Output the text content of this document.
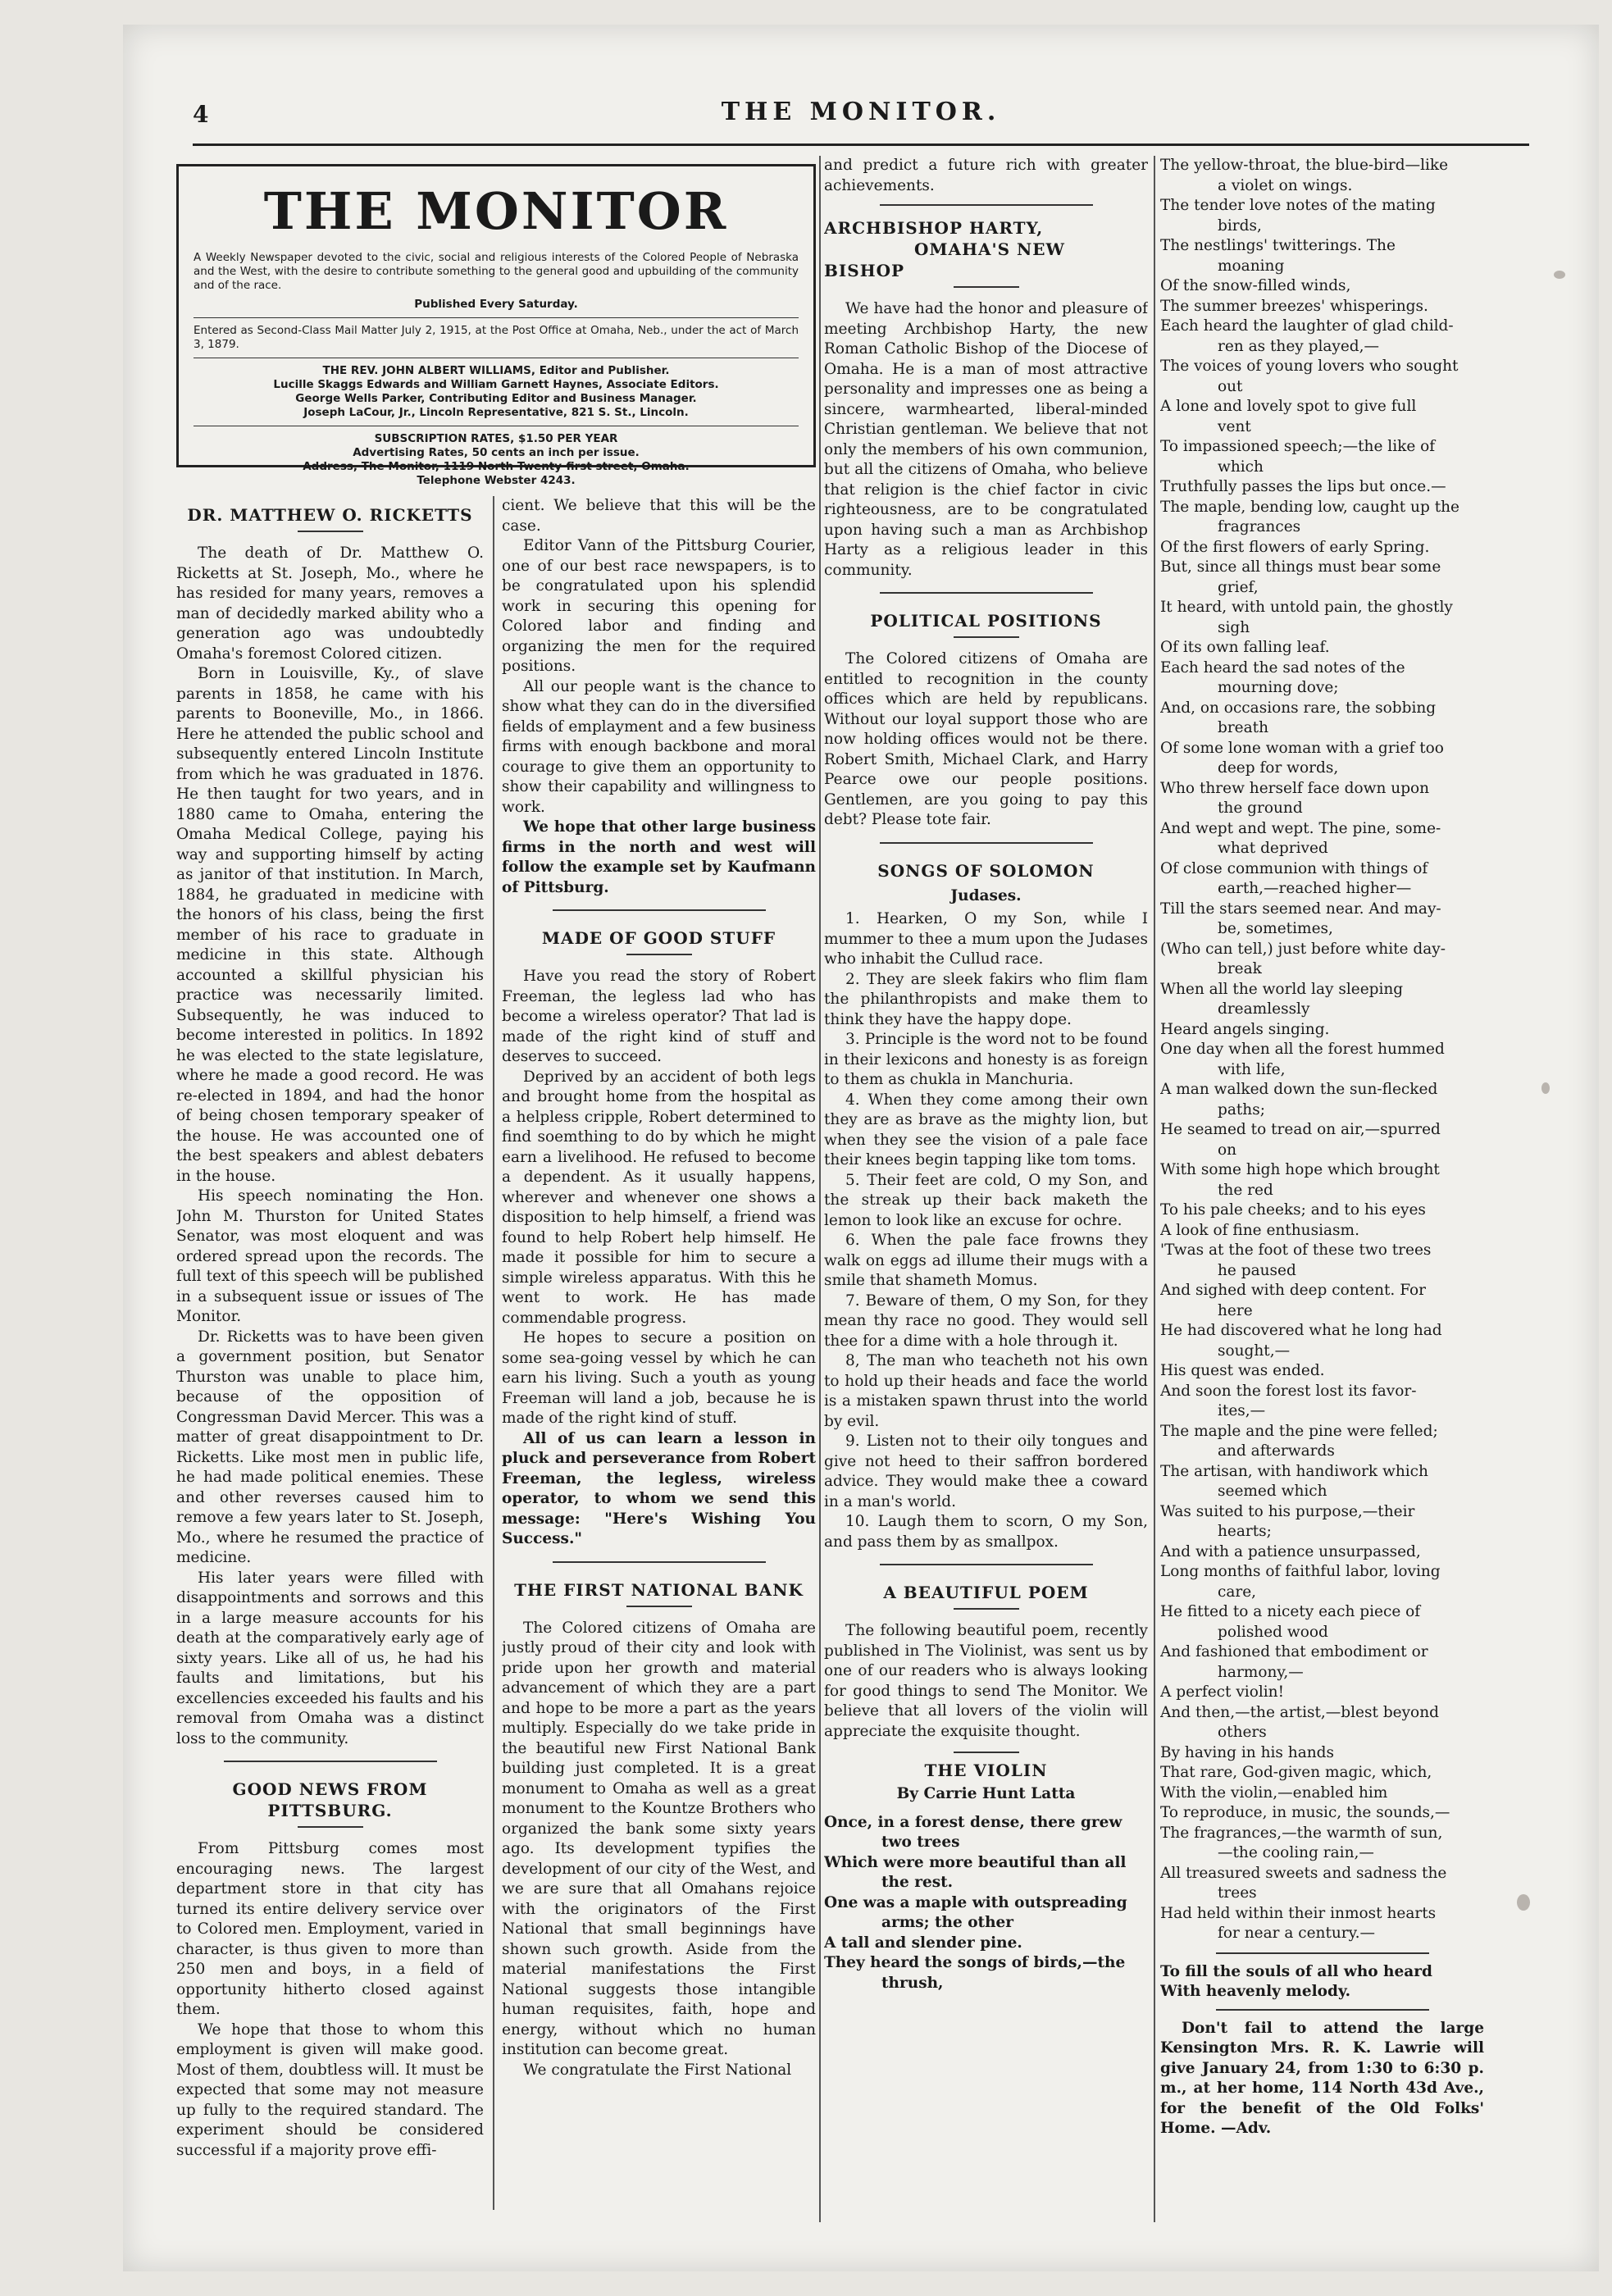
4	THE MONITOR.
THE MONITOR

A Weekly Newspaper devoted to the civic, social and religious interests of the Colored People of Nebraska and the West, with the desire to contribute something to the general good and upbuilding of the community and of the race.

Published Every Saturday.

Entered as Second-Class Mail Matter July 2, 1915, at the Post Office at Omaha, Neb., under the act of March 3, 1879.

THE REV. JOHN ALBERT WILLIAMS, Editor and Publisher.

Lucille Skaggs Edwards and William Garnett Haynes, Associate Editors.

George Wells Parker, Contributing Editor and Business Manager.

Joseph LaCour, Jr., Lincoln Representative, 821 S. St., Lincoln.

SUBSCRIPTION RATES, $1.50 PER YEAR

Advertising Rates, 50 cents an inch per issue.

Address, The Monitor, 1119 North Twenty-first street, Omaha.

Telephone Webster 4243.

DR. MATTHEW O. RICKETTS

The death of Dr. Matthew O. Ricketts at St. Joseph, Mo., where he has resided for many years, removes a man of decidedly marked ability who a generation ago was undoubtedly Omaha's foremost Colored citizen.

Born in Louisville, Ky., of slave parents in 1858, he came with his parents to Booneville, Mo., in 1866. Here he attended the public school and subsequently entered Lincoln Institute from which he was graduated in 1876. He then taught for two years, and in 1880 came to Omaha, entering the Omaha Medical College, paying his way and supporting himself by acting as janitor of that institution. In March, 1884, he graduated in medicine with the honors of his class, being the first member of his race to graduate in medicine in this state. Although accounted a skillful physician his practice was necessarily limited. Subsequently, he was induced to become interested in politics. In 1892 he was elected to the state legislature, where he made a good record. He was re-elected in 1894, and had the honor of being chosen temporary speaker of the house. He was accounted one of the best speakers and ablest debaters in the house.

His speech nominating the Hon. John M. Thurston for United States Senator, was most eloquent and was ordered spread upon the records. The full text of this speech will be published in a subsequent issue or issues of The Monitor.

Dr. Ricketts was to have been given a government position, but Senator Thurston was unable to place him, because of the opposition of Congressman David Mercer. This was a matter of great disappointment to Dr. Ricketts. Like most men in public life, he had made political enemies. These and other reverses caused him to remove a few years later to St. Joseph, Mo., where he resumed the practice of medicine.

His later years were filled with disappointments and sorrows and this in a large measure accounts for his death at the comparatively early age of sixty years. Like all of us, he had his faults and limitations, but his excellencies exceeded his faults and his removal from Omaha was a distinct loss to the community.

GOOD NEWS FROM PITTSBURG.

From Pittsburg comes most encouraging news. The largest department store in that city has turned its entire delivery service over to Colored men. Employment, varied in character, is thus given to more than 250 men and boys, in a field of opportunity hitherto closed against them.

We hope that those to whom this employment is given will make good. Most of them, doubtless will. It must be expected that some may not measure up fully to the required standard. The experiment should be considered successful if a majority prove effi-

cient. We believe that this will be the case.

Editor Vann of the Pittsburg Courier, one of our best race newspapers, is to be congratulated upon his splendid work in securing this opening for Colored labor and finding and organizing the men for the required positions.

All our people want is the chance to show what they can do in the diversified fields of emplayment and a few business firms with enough backbone and moral courage to give them an opportunity to show their capability and willingness to work.

We hope that other large business firms in the north and west will follow the example set by Kaufmann of Pittsburg.

MADE OF GOOD STUFF

Have you read the story of Robert Freeman, the legless lad who has become a wireless operator? That lad is made of the right kind of stuff and deserves to succeed.

Deprived by an accident of both legs and brought home from the hospital as a helpless cripple, Robert determined to find soemthing to do by which he might earn a livelihood. He refused to become a dependent. As it usually happens, wherever and whenever one shows a disposition to help himself, a friend was found to help Robert help himself. He made it possible for him to secure a simple wireless apparatus. With this he went to work. He has made commendable progress.

He hopes to secure a position on some sea-going vessel by which he can earn his living. Such a youth as young Freeman will land a job, because he is made of the right kind of stuff.

All of us can learn a lesson in pluck and perseverance from Robert Freeman, the legless, wireless operator, to whom we send this message: "Here's Wishing You Success."

THE FIRST NATIONAL BANK

The Colored citizens of Omaha are justly proud of their city and look with pride upon her growth and material advancement of which they are a part and hope to be more a part as the years multiply. Especially do we take pride in the beautiful new First National Bank building just completed. It is a great monument to Omaha as well as a great monument to the Kountze Brothers who organized the bank some sixty years ago. Its development typifies the development of our city of the West, and we are sure that all Omahans rejoice with the originators of the First National that small beginnings have shown such growth. Aside from the material manifestations the First National suggests those intangible human requisites, faith, hope and energy, without which no human institution can become great.

We congratulate the First National

and predict a future rich with greater achievements.

ARCHBISHOP HARTY,
OMAHA'S NEW BISHOP

We have had the honor and pleasure of meeting Archbishop Harty, the new Roman Catholic Bishop of the Diocese of Omaha. He is a man of most attractive personality and impresses one as being a sincere, warmhearted, liberal-minded Christian gentleman. We believe that not only the members of his own communion, but all the citizens of Omaha, who believe that religion is the chief factor in civic righteousness, are to be congratulated upon having such a man as Archbishop Harty as a religious leader in this community.

POLITICAL POSITIONS

The Colored citizens of Omaha are entitled to recognition in the county offices which are held by republicans. Without our loyal support those who are now holding offices would not be there. Robert Smith, Michael Clark, and Harry Pearce owe our people positions. Gentlemen, are you going to pay this debt? Please tote fair.

SONGS OF SOLOMON

Judases.

1. Hearken, O my Son, while I mummer to thee a mum upon the Judases who inhabit the Cullud race.

2. They are sleek fakirs who flim flam the philanthropists and make them to think they have the happy dope.

3. Principle is the word not to be found in their lexicons and honesty is as foreign to them as chukla in Manchuria.

4. When they come among their own they are as brave as the mighty lion, but when they see the vision of a pale face their knees begin tapping like tom toms.

5. Their feet are cold, O my Son, and the streak up their back maketh the lemon to look like an excuse for ochre.

6. When the pale face frowns they walk on eggs ad illume their mugs with a smile that shameth Momus.

7. Beware of them, O my Son, for they mean thy race no good. They would sell thee for a dime with a hole through it.

8, The man who teacheth not his own to hold up their heads and face the world is a mistaken spawn thrust into the world by evil.

9. Listen not to their oily tongues and give not heed to their saffron bordered advice. They would make thee a coward in a man's world.

10. Laugh them to scorn, O my Son, and pass them by as smallpox.

A BEAUTIFUL POEM

The following beautiful poem, recently published in The Violinist, was sent us by one of our readers who is always looking for good things to send The Monitor. We believe that all lovers of the violin will appreciate the exquisite thought.

THE VIOLIN

By Carrie Hunt Latta

Once, in a forest dense, there grew

two trees

Which were more beautiful than all

the rest.

One was a maple with outspreading

arms; the other

A tall and slender pine.

They heard the songs of birds,—the

thrush,

The yellow-throat, the blue-bird—like

a violet on wings.

The tender love notes of the mating

birds,

The nestlings' twitterings. The

moaning

Of the snow-filled winds,

The summer breezes' whisperings.

Each heard the laughter of glad child-

ren as they played,—

The voices of young lovers who sought

out

A lone and lovely spot to give full

vent

To impassioned speech;—the like of

which

Truthfully passes the lips but once.—

The maple, bending low, caught up the

fragrances

Of the first flowers of early Spring.

But, since all things must bear some

grief,

It heard, with untold pain, the ghostly

sigh

Of its own falling leaf.

Each heard the sad notes of the

mourning dove;

And, on occasions rare, the sobbing

breath

Of some lone woman with a grief too

deep for words,

Who threw herself face down upon

the ground

And wept and wept. The pine, some-

what deprived

Of close communion with things of

earth,—reached higher—

Till the stars seemed near. And may-

be, sometimes,

(Who can tell,) just before white day-

break

When all the world lay sleeping

dreamlessly

Heard angels singing.

One day when all the forest hummed

with life,

A man walked down the sun-flecked

paths;

He seamed to tread on air,—spurred

on

With some high hope which brought

the red

To his pale cheeks; and to his eyes

A look of fine enthusiasm.

'Twas at the foot of these two trees

he paused

And sighed with deep content. For

here

He had discovered what he long had

sought,—

His quest was ended.

And soon the forest lost its favor-

ites,—

The maple and the pine were felled;

and afterwards

The artisan, with handiwork which

seemed which

Was suited to his purpose,—their

hearts;

And with a patience unsurpassed,

Long months of faithful labor, loving

care,

He fitted to a nicety each piece of

polished wood

And fashioned that embodiment or

harmony,—

A perfect violin!

And then,—the artist,—blest beyond

others

By having in his hands

That rare, God-given magic, which,

With the violin,—enabled him

To reproduce, in music, the sounds,—

The fragrances,—the warmth of sun,

—the cooling rain,—

All treasured sweets and sadness the

trees

Had held within their inmost hearts

for near a century.—

To fill the souls of all who heard

With heavenly melody.

Don't fail to attend the large Kensington Mrs. R. K. Lawrie will give January 24, from 1:30 to 6:30 p. m., at her home, 114 North 43d Ave., for the benefit of the Old Folks' Home. —Adv.
